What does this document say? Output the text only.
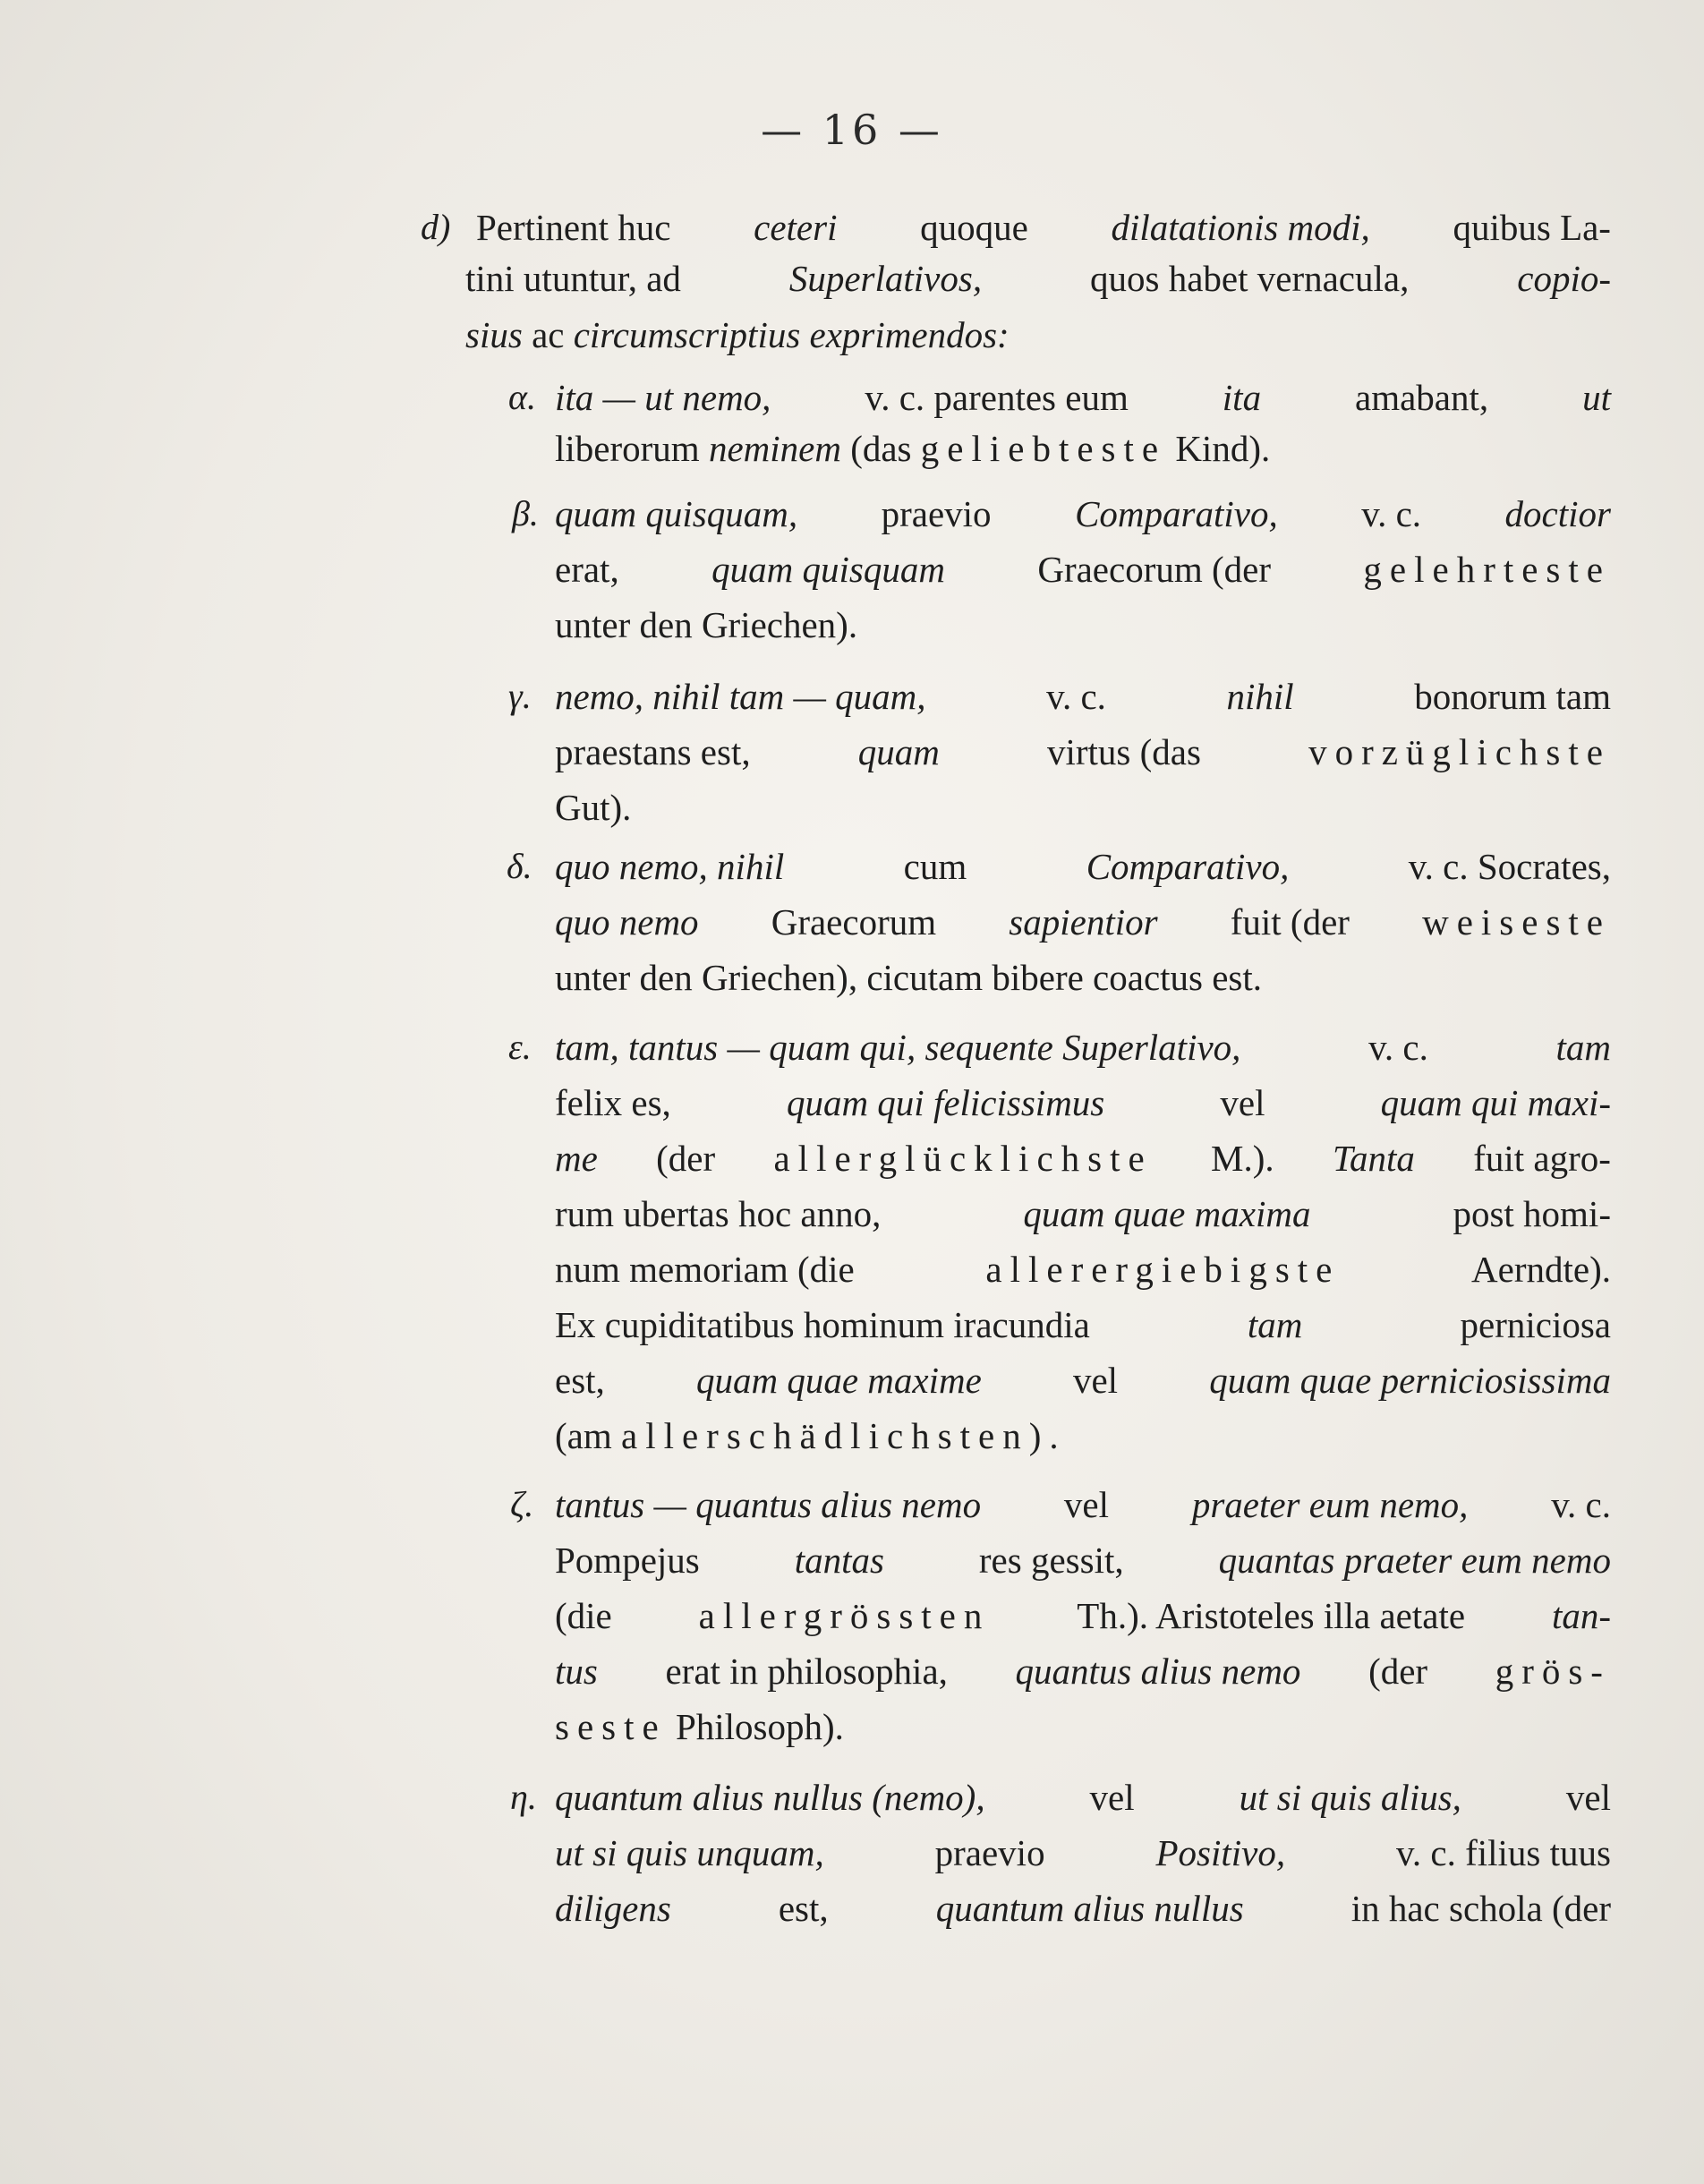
— 16 —
d) Pertinent huc ceteri quoque dilatationis modi, quibus La-
tini utuntur, ad	Superlativos,	quos habet vernacula,	copio-
sius ac circumscriptius exprimendos:
α. ita — ut nemo,	v. c. parentes eum	ita	amabant,	ut
liberorum neminem (das geliebteste Kind).
β. quam quisquam, praevio Comparativo, v. c. doctior
erat,	quam quisquam	Graecorum (der	gelehrteste
unter den Griechen).
γ. nemo, nihil tam — quam,	v. c.	nihil	bonorum tam
praestans est,	quam	virtus (das	vorzüglichste
Gut).
δ. quo nemo, nihil	cum	Comparativo,	v. c. Socrates,
quo nemo Graecorum sapientior fuit (der weiseste
unter den Griechen), cicutam bibere coactus est.
ε. tam, tantus — quam qui, sequente Superlativo,	v. c.	tam
felix es,	quam qui felicissimus	vel	quam qui maxi-
me (der allerglücklichste M.). Tanta fuit agro-
rum ubertas hoc anno,	quam quae maxima	post homi-
num memoriam (die	allerergiebigste	Aerndte).
Ex cupiditatibus hominum iracundia	tam	perniciosa
est, quam quae maxime vel quam quae perniciosissima
(am allerschädlichsten).
ζ. tantus — quantus alius nemo vel praeter eum nemo, v. c.
Pompejus	tantas	res gessit,	quantas praeter eum nemo
(die allergrössten Th.). Aristoteles illa aetate tan-
tus erat in philosophia, quantus alius nemo (der grös-
seste Philosoph).
η. quantum alius nullus (nemo),	vel	ut si quis alius,	vel
ut si quis unquam,	praevio	Positivo,	v. c. filius tuus
diligens	est,	quantum alius nullus	in hac schola (der
